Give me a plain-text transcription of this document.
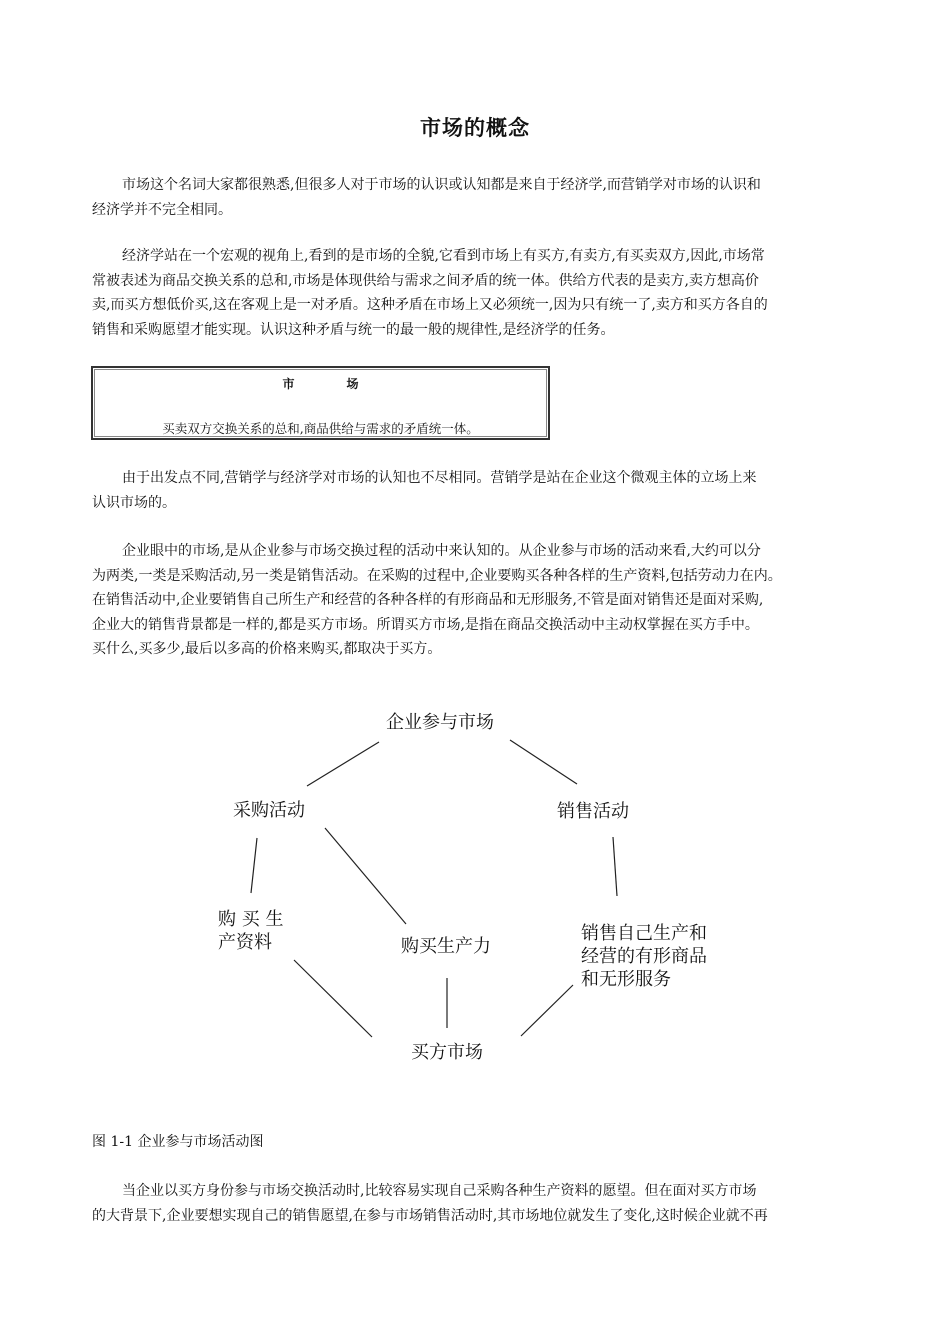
市场的概念
市场这个名词大家都很熟悉,但很多人对于市场的认识或认知都是来自于经济学,而营销学对市场的认识和
经济学并不完全相同。
经济学站在一个宏观的视角上,看到的是市场的全貌,它看到市场上有买方,有卖方,有买卖双方,因此,市场常
常被表述为商品交换关系的总和,市场是体现供给与需求之间矛盾的统一体。供给方代表的是卖方,卖方想高价
卖,而买方想低价买,这在客观上是一对矛盾。这种矛盾在市场上又必须统一,因为只有统一了,卖方和买方各自的
销售和采购愿望才能实现。认识这种矛盾与统一的最一般的规律性,是经济学的任务。
市　场
买卖双方交换关系的总和,商品供给与需求的矛盾统一体。
由于出发点不同,营销学与经济学对市场的认知也不尽相同。营销学是站在企业这个微观主体的立场上来
认识市场的。
企业眼中的市场,是从企业参与市场交换过程的活动中来认知的。从企业参与市场的活动来看,大约可以分
为两类,一类是采购活动,另一类是销售活动。在采购的过程中,企业要购买各种各样的生产资料,包括劳动力在内。
在销售活动中,企业要销售自己所生产和经营的各种各样的有形商品和无形服务,不管是面对销售还是面对采购,
企业大的销售背景都是一样的,都是买方市场。所谓买方市场,是指在商品交换活动中主动权掌握在买方手中。
买什么,买多少,最后以多高的价格来购买,都取决于买方。
企业参与市场
采购活动	销售活动
购 买 生
产资料	购买生产力
销售自己生产和
经营的有形商品
和无形服务
买方市场
图 1-1 企业参与市场活动图
当企业以买方身份参与市场交换活动时,比较容易实现自己采购各种生产资料的愿望。但在面对买方市场
的大背景下,企业要想实现自己的销售愿望,在参与市场销售活动时,其市场地位就发生了变化,这时候企业就不再
